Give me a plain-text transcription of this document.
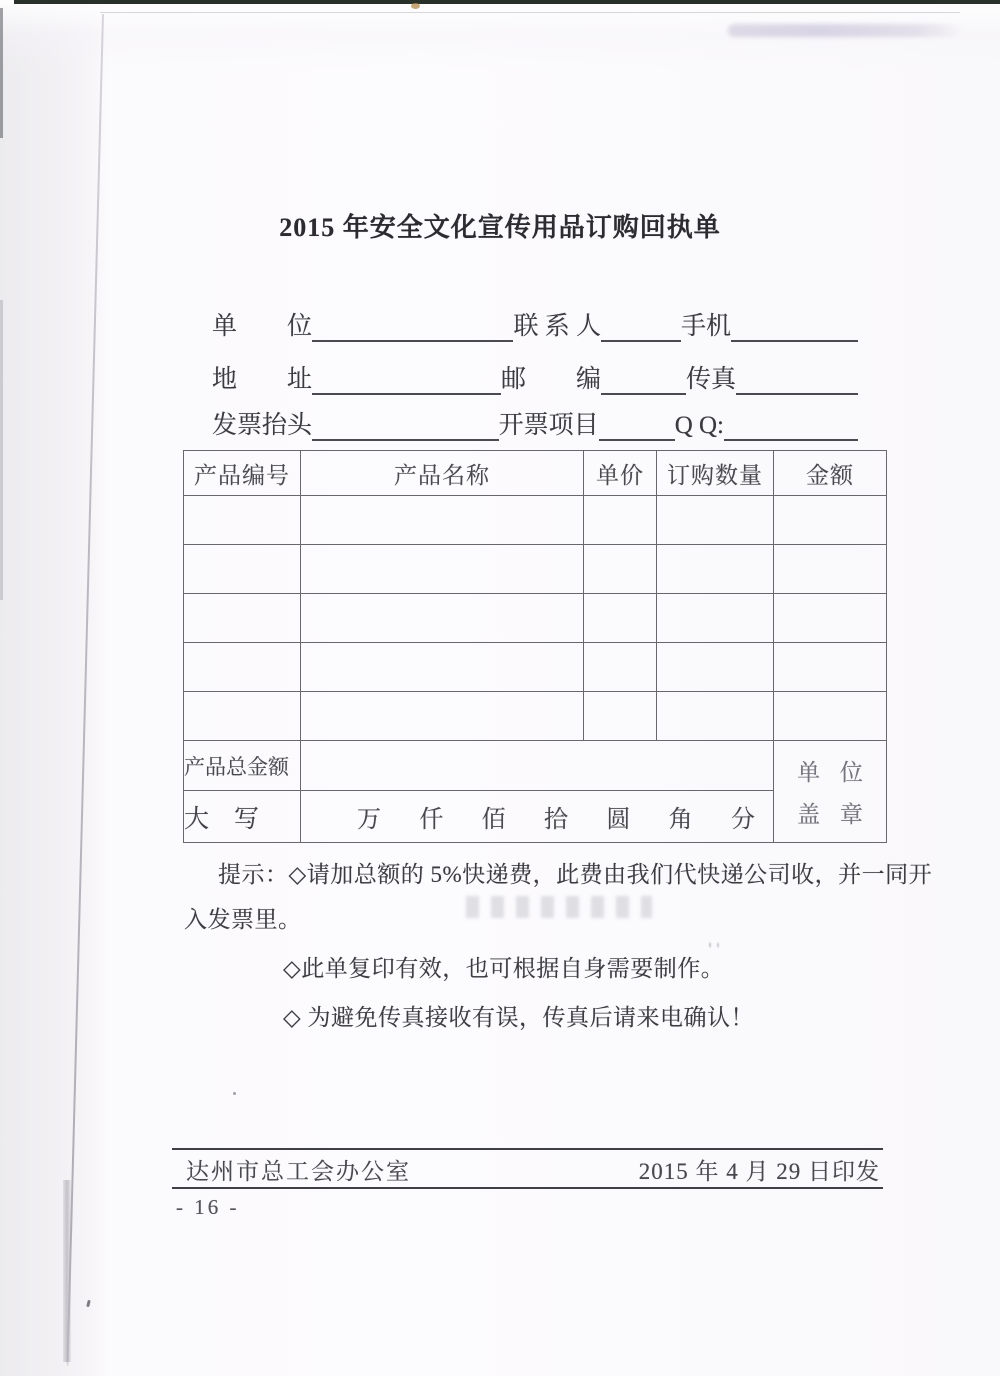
2015 年安全文化宣传用品订购回执单
单　　位	联 系 人	手机
地　　址	邮　　编	传真
发票抬头	开票项目	Q Q:
产品编号	产品名称	单价	订购数量	金额

产品总金额				单 位
盖 章

大　写	万 仟 佰 拾 圆 角 分
提示：◇请加总额的 5%快递费，此费由我们代快递公司收，并一同开
入发票里。
◇此单复印有效，也可根据自身需要制作。
◇ 为避免传真接收有误，传真后请来电确认！
达州市总工会办公室	2015 年 4 月 29 日印发
- 16 -
